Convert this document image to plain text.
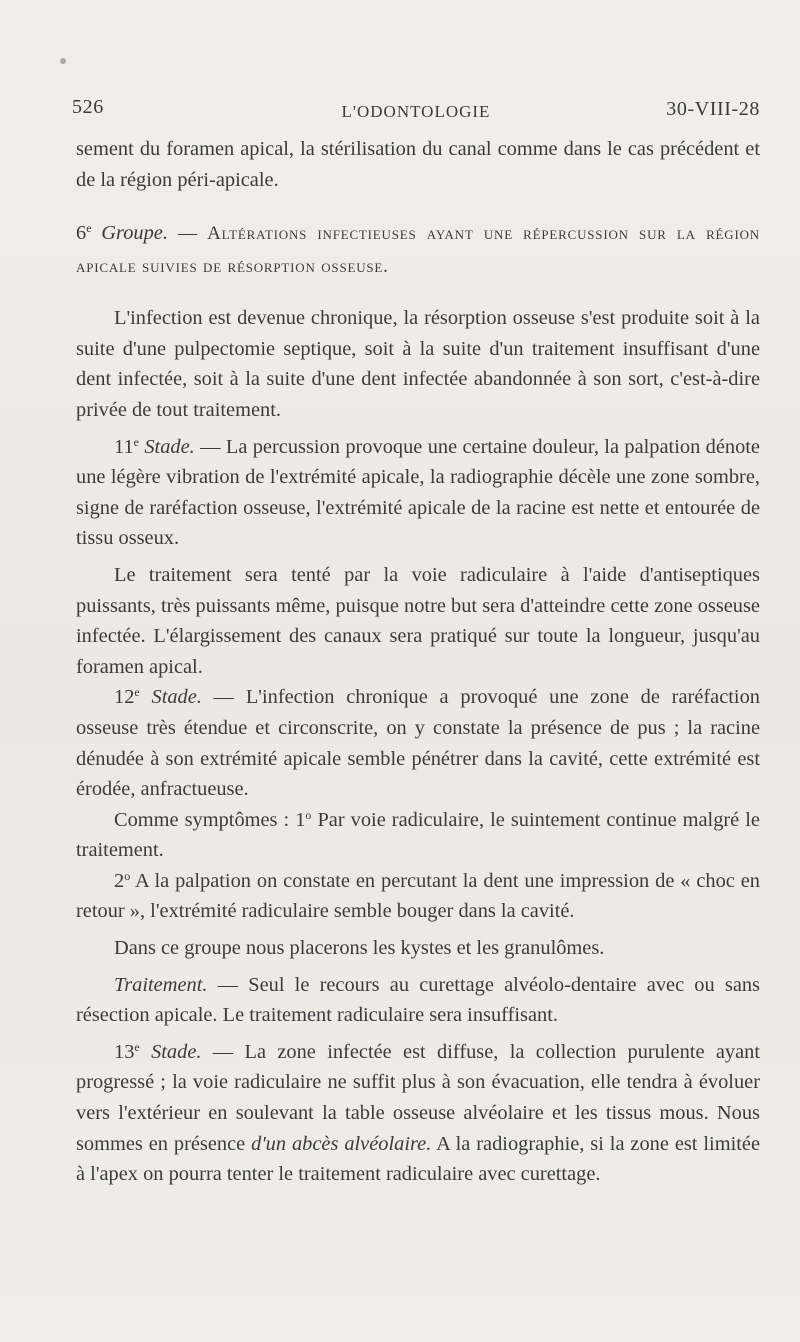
526	L'ODONTOLOGIE	30-VIII-28

sement du foramen apical, la stérilisation du canal comme dans le cas précédent et de la région péri-apicale.

6e Groupe. — Altérations infectieuses ayant une répercussion sur la région apicale suivies de résorption osseuse.

L'infection est devenue chronique, la résorption osseuse s'est produite soit à la suite d'une pulpectomie septique, soit à la suite d'un traitement insuffisant d'une dent infectée, soit à la suite d'une dent infectée abandonnée à son sort, c'est-à-dire privée de tout traitement.

11e Stade. — La percussion provoque une certaine douleur, la palpation dénote une légère vibration de l'extrémité apicale, la radiographie décèle une zone sombre, signe de raréfaction osseuse, l'extrémité apicale de la racine est nette et entourée de tissu osseux.

Le traitement sera tenté par la voie radiculaire à l'aide d'antiseptiques puissants, très puissants même, puisque notre but sera d'atteindre cette zone osseuse infectée. L'élargissement des canaux sera pratiqué sur toute la longueur, jusqu'au foramen apical.

12e Stade. — L'infection chronique a provoqué une zone de raréfaction osseuse très étendue et circonscrite, on y constate la présence de pus ; la racine dénudée à son extrémité apicale semble pénétrer dans la cavité, cette extrémité est érodée, anfractueuse.

Comme symptômes : 1$^o$ Par voie radiculaire, le suintement continue malgré le traitement.

2$^o$ A la palpation on constate en percutant la dent une impression de « choc en retour », l'extrémité radiculaire semble bouger dans la cavité.

Dans ce groupe nous placerons les kystes et les granulômes.

Traitement. — Seul le recours au curettage alvéolo-dentaire avec ou sans résection apicale. Le traitement radiculaire sera insuffisant.

13e Stade. — La zone infectée est diffuse, la collection purulente ayant progressé ; la voie radiculaire ne suffit plus à son évacuation, elle tendra à évoluer vers l'extérieur en soulevant la table osseuse alvéolaire et les tissus mous. Nous sommes en présence d'un abcès alvéolaire. A la radiographie, si la zone est limitée à l'apex on pourra tenter le traitement radiculaire avec curettage.
